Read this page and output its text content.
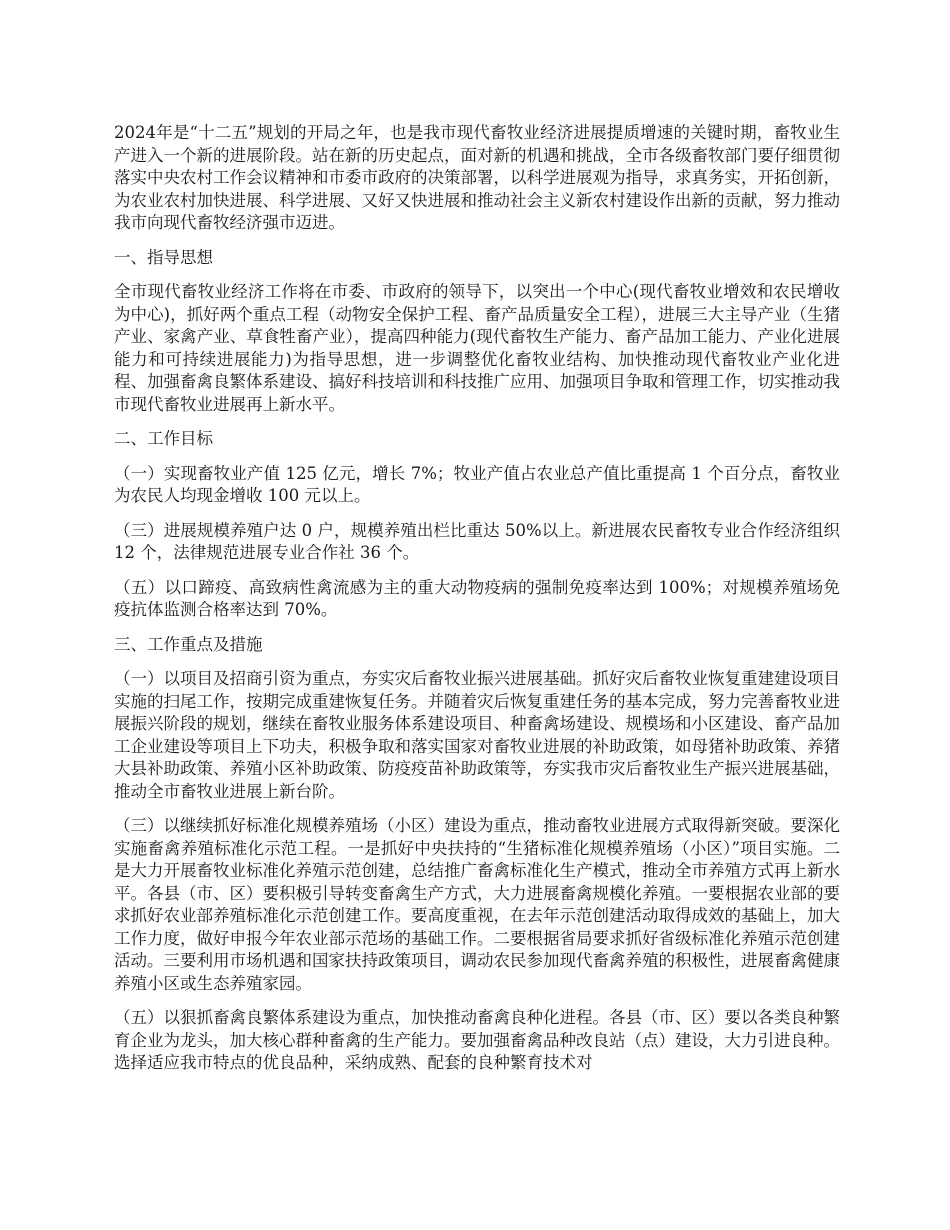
2024年是“十二五”规划的开局之年，也是我市现代畜牧业经济进展提质增速的关键时期，畜牧业生产进入一个新的进展阶段。站在新的历史起点，面对新的机遇和挑战，全市各级畜牧部门要仔细贯彻落实中央农村工作会议精神和市委市政府的决策部署，以科学进展观为指导，求真务实，开拓创新，为农业农村加快进展、科学进展、又好又快进展和推动社会主义新农村建设作出新的贡献，努力推动我市向现代畜牧经济强市迈进。

一、指导思想

全市现代畜牧业经济工作将在市委、市政府的领导下，以突出一个中心(现代畜牧业增效和农民增收为中心)，抓好两个重点工程（动物安全保护工程、畜产品质量安全工程），进展三大主导产业（生猪产业、家禽产业、草食牲畜产业），提高四种能力(现代畜牧生产能力、畜产品加工能力、产业化进展能力和可持续进展能力)为指导思想，进一步调整优化畜牧业结构、加快推动现代畜牧业产业化进程、加强畜禽良繁体系建设、搞好科技培训和科技推广应用、加强项目争取和管理工作，切实推动我市现代畜牧业进展再上新水平。

二、工作目标

（一）实现畜牧业产值 125 亿元，增长 7%；牧业产值占农业总产值比重提高 1 个百分点，畜牧业为农民人均现金增收 100 元以上。

（三）进展规模养殖户达 0 户，规模养殖出栏比重达 50%以上。新进展农民畜牧专业合作经济组织 12 个，法律规范进展专业合作社 36 个。

（五）以口蹄疫、高致病性禽流感为主的重大动物疫病的强制免疫率达到 100%；对规模养殖场免疫抗体监测合格率达到 70%。

三、工作重点及措施

（一）以项目及招商引资为重点，夯实灾后畜牧业振兴进展基础。抓好灾后畜牧业恢复重建建设项目实施的扫尾工作，按期完成重建恢复任务。并随着灾后恢复重建任务的基本完成，努力完善畜牧业进展振兴阶段的规划，继续在畜牧业服务体系建设项目、种畜禽场建设、规模场和小区建设、畜产品加工企业建设等项目上下功夫，积极争取和落实国家对畜牧业进展的补助政策，如母猪补助政策、养猪大县补助政策、养殖小区补助政策、防疫疫苗补助政策等，夯实我市灾后畜牧业生产振兴进展基础，推动全市畜牧业进展上新台阶。

（三）以继续抓好标准化规模养殖场（小区）建设为重点，推动畜牧业进展方式取得新突破。要深化实施畜禽养殖标准化示范工程。一是抓好中央扶持的“生猪标准化规模养殖场（小区）”项目实施。二是大力开展畜牧业标准化养殖示范创建，总结推广畜禽标准化生产模式，推动全市养殖方式再上新水平。各县（市、区）要积极引导转变畜禽生产方式，大力进展畜禽规模化养殖。一要根据农业部的要求抓好农业部养殖标准化示范创建工作。要高度重视，在去年示范创建活动取得成效的基础上，加大工作力度，做好申报今年农业部示范场的基础工作。二要根据省局要求抓好省级标准化养殖示范创建活动。三要利用市场机遇和国家扶持政策项目，调动农民参加现代畜禽养殖的积极性，进展畜禽健康养殖小区或生态养殖家园。

（五）以狠抓畜禽良繁体系建设为重点，加快推动畜禽良种化进程。各县（市、区）要以各类良种繁育企业为龙头，加大核心群种畜禽的生产能力。要加强畜禽品种改良站（点）建设，大力引进良种。选择适应我市特点的优良品种，采纳成熟、配套的良种繁育技术对
